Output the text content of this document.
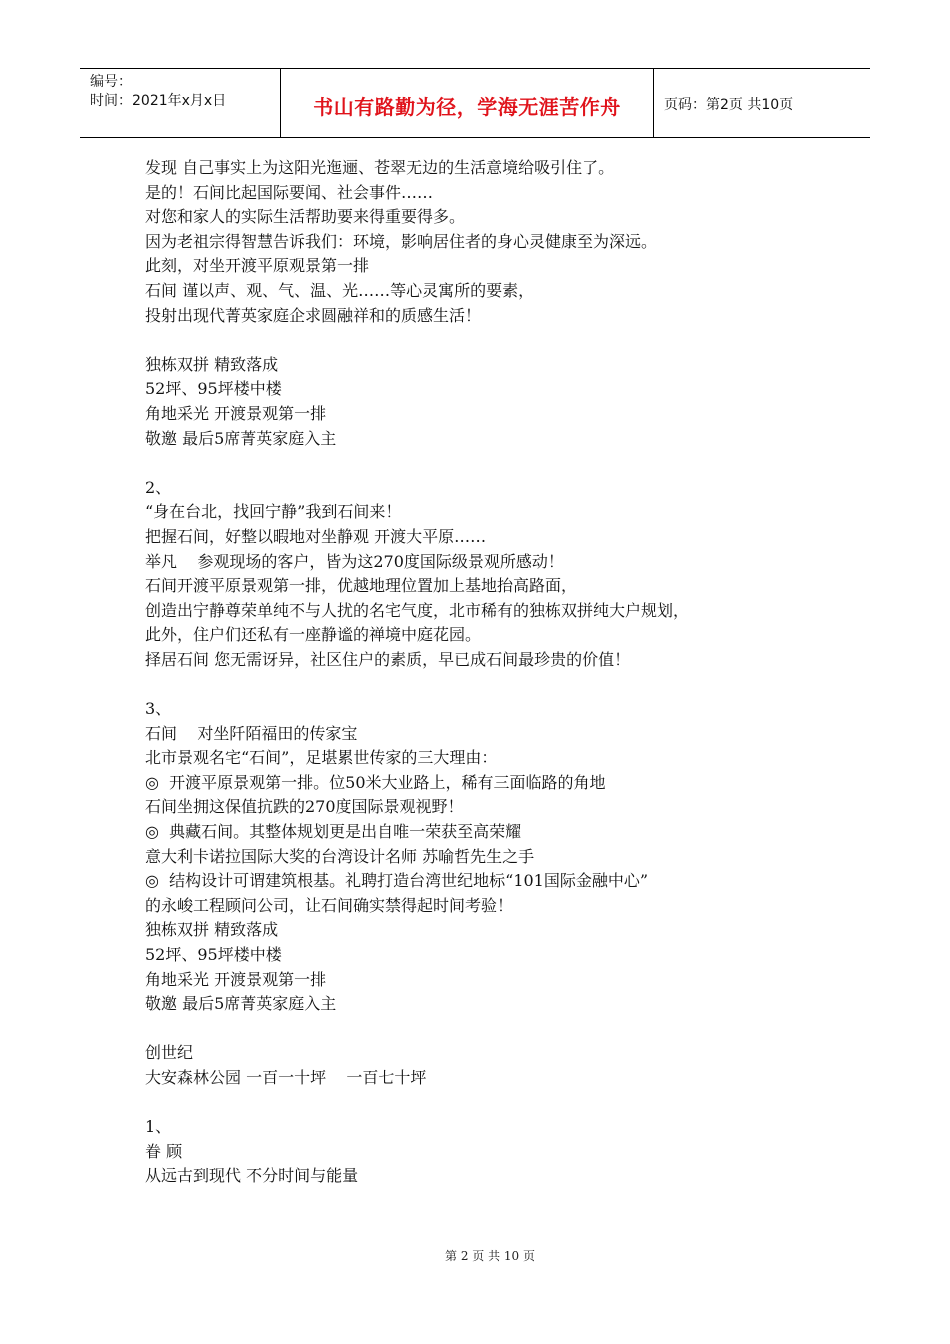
编号：
时间：2021年x月x日	书山有路勤为径，学海无涯苦作舟	页码：第2页 共10页
发现 自己事实上为这阳光迤逦、苍翠无边的生活意境给吸引住了。
是的！石间比起国际要闻、社会事件……
对您和家人的实际生活帮助要来得重要得多。
因为老祖宗得智慧告诉我们：环境，影响居住者的身心灵健康至为深远。
此刻，对坐开渡平原观景第一排
石间 谨以声、观、气、温、光……等心灵寓所的要素，
投射出现代菁英家庭企求圆融祥和的质感生活！
独栋双拼 精致落成
52坪、95坪楼中楼
角地采光 开渡景观第一排
敬邀 最后5席菁英家庭入主
2、
“身在台北，找回宁静”我到石间来！
把握石间，好整以暇地对坐静观 开渡大平原……
举凡    参观现场的客户，皆为这270度国际级景观所感动！
石间开渡平原景观第一排，优越地理位置加上基地抬高路面，
创造出宁静尊荣单纯不与人扰的名宅气度，北市稀有的独栋双拼纯大户规划，
此外，住户们还私有一座静谧的禅境中庭花园。
择居石间 您无需讶异，社区住户的素质，早已成石间最珍贵的价值！
3、
石间    对坐阡陌福田的传家宝
北市景观名宅“石间”，足堪累世传家的三大理由：
◎  开渡平原景观第一排。位50米大业路上，稀有三面临路的角地
石间坐拥这保值抗跌的270度国际景观视野！
◎  典藏石间。其整体规划更是出自唯一荣获至高荣耀
意大利卡诺拉国际大奖的台湾设计名师 苏喻哲先生之手
◎  结构设计可谓建筑根基。礼聘打造台湾世纪地标“101国际金融中心”
的永峻工程顾问公司，让石间确实禁得起时间考验！
独栋双拼 精致落成
52坪、95坪楼中楼
角地采光 开渡景观第一排
敬邀 最后5席菁英家庭入主
创世纪
大安森林公园 一百一十坪    一百七十坪
1、
眷 顾
从远古到现代 不分时间与能量
第 2 页 共 10 页
